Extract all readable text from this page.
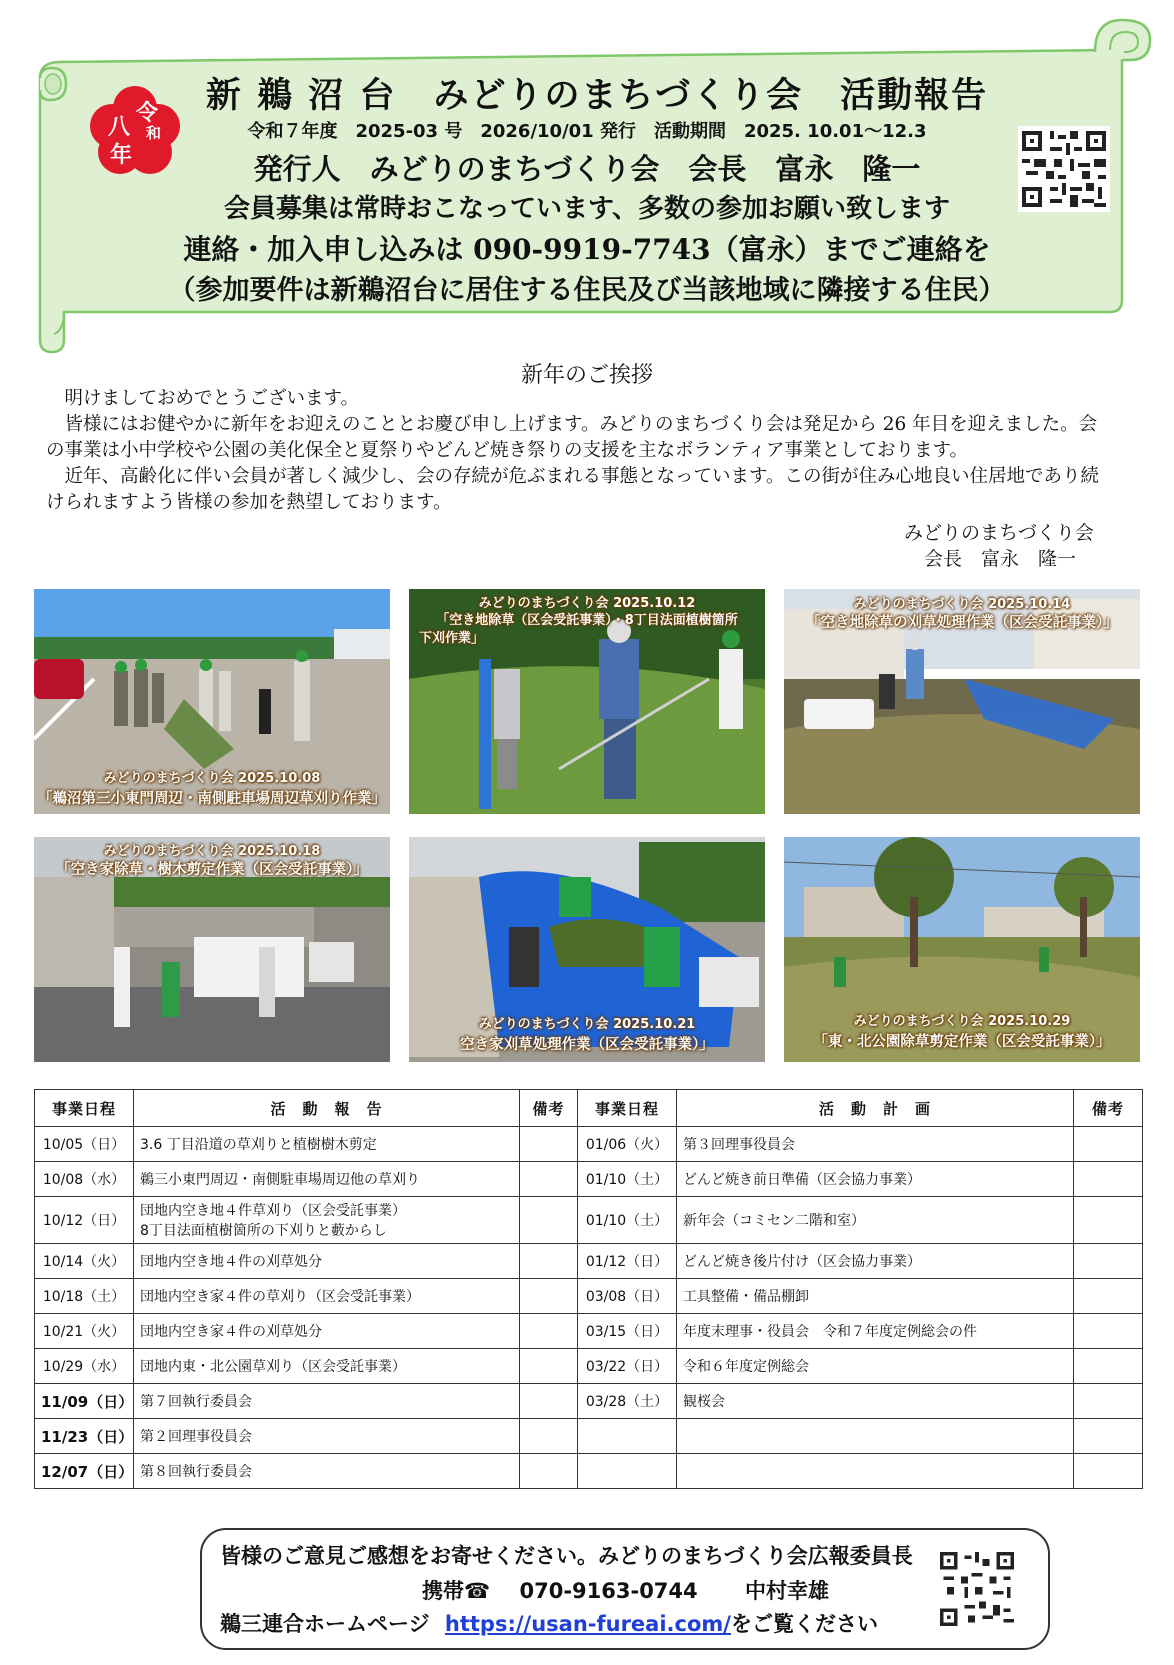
令
和
八
年
新 鵜 沼 台　みどりのまちづくり会　活動報告
令和７年度　2025-03 号　2026/10/01 発行　活動期間　2025. 10.01～12.3
発行人　みどりのまちづくり会　会長　富永　隆一
会員募集は常時おこなっています、多数の参加お願い致します
連絡・加入申し込みは 090-9919-7743（富永）までご連絡を
（参加要件は新鵜沼台に居住する住民及び当該地域に隣接する住民）
新年のご挨拶
　明けましておめでとうございます。
　皆様にはお健やかに新年をお迎えのこととお慶び申し上げます。みどりのまちづくり会は発足から 26 年目を迎えました。会の事業は小中学校や公園の美化保全と夏祭りやどんど焼き祭りの支援を主なボランティア事業としております。
　近年、高齢化に伴い会員が著しく減少し、会の存続が危ぶまれる事態となっています。この街が住み心地良い住居地であり続けられますよう皆様の参加を熱望しております。
みどりのまちづくり会
会長　富永　隆一
みどりのまちづくり会 2025.10.08
「鵜沼第三小東門周辺・南側駐車場周辺草刈り作業」
みどりのまちづくり会 2025.10.12
「空き地除草（区会受託事業）・8丁目法面植樹箇所
下刈作業」
みどりのまちづくり会 2025.10.14
「空き地除草の刈草処理作業（区会受託事業）」
みどりのまちづくり会 2025.10.18
「空き家除草・樹木剪定作業（区会受託事業）」
みどりのまちづくり会 2025.10.21
空き家刈草処理作業（区会受託事業）」
みどりのまちづくり会 2025.10.29
「東・北公園除草剪定作業（区会受託事業）」
事業日程	活　動　報　告	備考	事業日程	活　動　計　画	備考
10/05（日）	3.6 丁目沿道の草刈りと植樹樹木剪定		01/06（火）	第３回理事役員会	
10/08（水）	鵜三小東門周辺・南側駐車場周辺他の草刈り		01/10（土）	どんど焼き前日準備（区会協力事業）	
10/12（日）	団地内空き地４件草刈り（区会受託事業）
8丁目法面植樹箇所の下刈りと藪からし		01/10（土）	新年会（コミセン二階和室）	
10/14（火）	団地内空き地４件の刈草処分		01/12（日）	どんど焼き後片付け（区会協力事業）	
10/18（土）	団地内空き家４件の草刈り（区会受託事業）		03/08（日）	工具整備・備品棚卸	
10/21（火）	団地内空き家４件の刈草処分		03/15（日）	年度末理事・役員会　令和７年度定例総会の件	
10/29（水）	団地内東・北公園草刈り（区会受託事業）		03/22（日）	令和６年度定例総会	
11/09（日）	第７回執行委員会		03/28（土）	観桜会	
11/23（日）	第２回理事役員会				
12/07（日）	第８回執行委員会				
皆様のご意見ご感想をお寄せください。みどりのまちづくり会広報委員長
携帯☎ 070-9163-0744 中村幸雄
鵜三連合ホームページ https://usan-fureai.com/をご覧ください
